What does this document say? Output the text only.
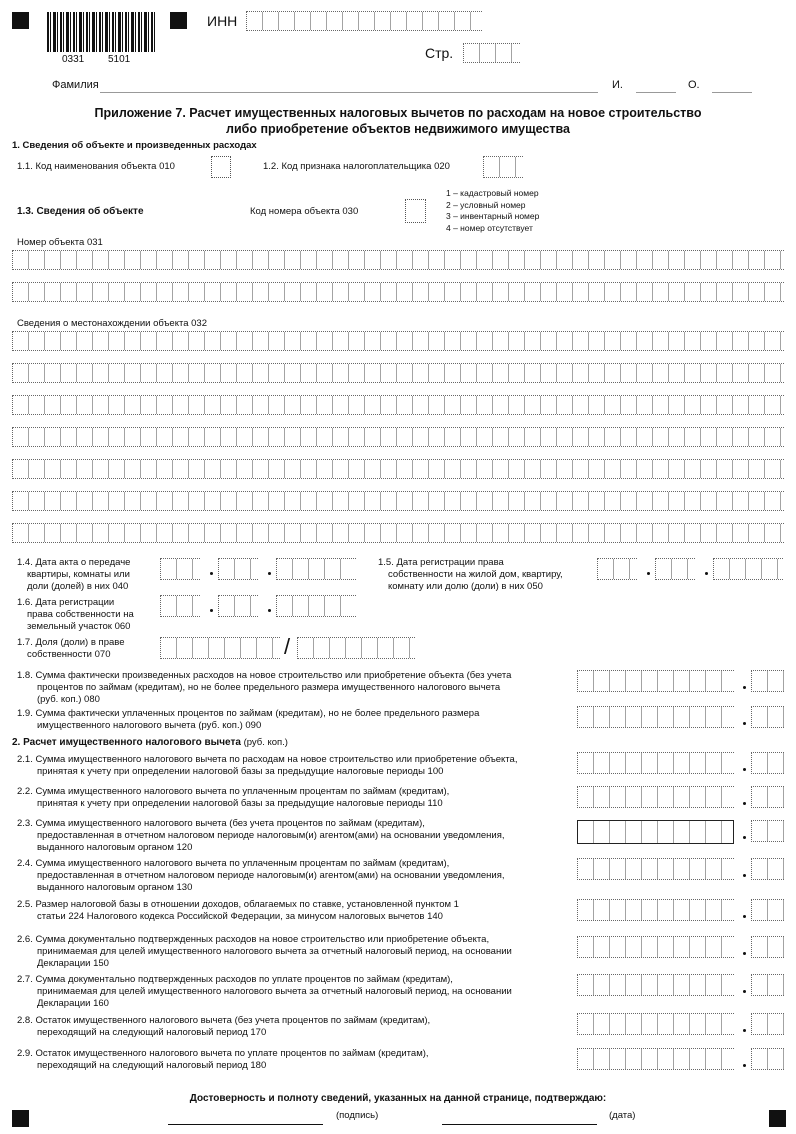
0331 5101
ИНН
Стр.
Фамилия	И.	О.
Приложение 7. Расчет имущественных налоговых вычетов по расходам на новое строительство
либо приобретение объектов недвижимого имущества
1. Сведения об объекте и произведенных расходах
1.1. Код наименования объекта 010	1.2. Код признака налогоплательщика 020
1.3. Сведения об объекте	Код номера объекта 030
1 – кадастровый номер
2 – условный номер
3 – инвентарный номер
4 – номер отсутствует
Номер объекта 031
Сведения о местонахождении объекта 032
1.4. Дата акта о передаче
квартиры, комнаты или
доли (долей) в них 040
1.5. Дата регистрации права
собственности на жилой дом, квартиру,
комнату или долю (доли) в них 050
1.6. Дата регистрации
права собственности на
земельный участок 060
1.7. Доля (доли) в праве
собственности 070	/
1.8. Сумма фактически произведенных расходов на новое строительство или приобретение объекта (без учета
процентов по займам (кредитам), но не более предельного размера имущественного налогового вычета
(руб. коп.) 080
1.9. Сумма фактически уплаченных процентов по займам (кредитам), но не более предельного размера
имущественного налогового вычета (руб. коп.) 090
2. Расчет имущественного налогового вычета (руб. коп.)
2.1. Сумма имущественного налогового вычета по расходам на новое строительство или приобретение объекта,
принятая к учету при определении налоговой базы за предыдущие налоговые периоды 100
2.2. Сумма имущественного налогового вычета по уплаченным процентам по займам (кредитам),
принятая к учету при определении налоговой базы за предыдущие налоговые периоды 110
2.3. Сумма имущественного налогового вычета (без учета процентов по займам (кредитам),
предоставленная в отчетном налоговом периоде налоговым(и) агентом(ами) на основании уведомления,
выданного налоговым органом 120
2.4. Сумма имущественного налогового вычета по уплаченным процентам по займам (кредитам),
предоставленная в отчетном налоговом периоде налоговым(и) агентом(ами) на основании уведомления,
выданного налоговым органом 130
2.5. Размер налоговой базы в отношении доходов, облагаемых по ставке, установленной пунктом 1
статьи 224 Налогового кодекса Российской Федерации, за минусом налоговых вычетов 140
2.6. Сумма документально подтвержденных расходов на новое строительство или приобретение объекта,
принимаемая для целей имущественного налогового вычета за отчетный налоговый период, на основании
Декларации 150
2.7. Сумма документально подтвержденных расходов по уплате процентов по займам (кредитам),
принимаемая для целей имущественного налогового вычета за отчетный налоговый период, на основании
Декларации 160
2.8. Остаток имущественного налогового вычета (без учета процентов по займам (кредитам),
переходящий на следующий налоговый период 170
2.9. Остаток имущественного налогового вычета по уплате процентов по займам (кредитам),
переходящий на следующий налоговый период 180
Достоверность и полноту сведений, указанных на данной странице, подтверждаю:
(подпись)	(дата)
